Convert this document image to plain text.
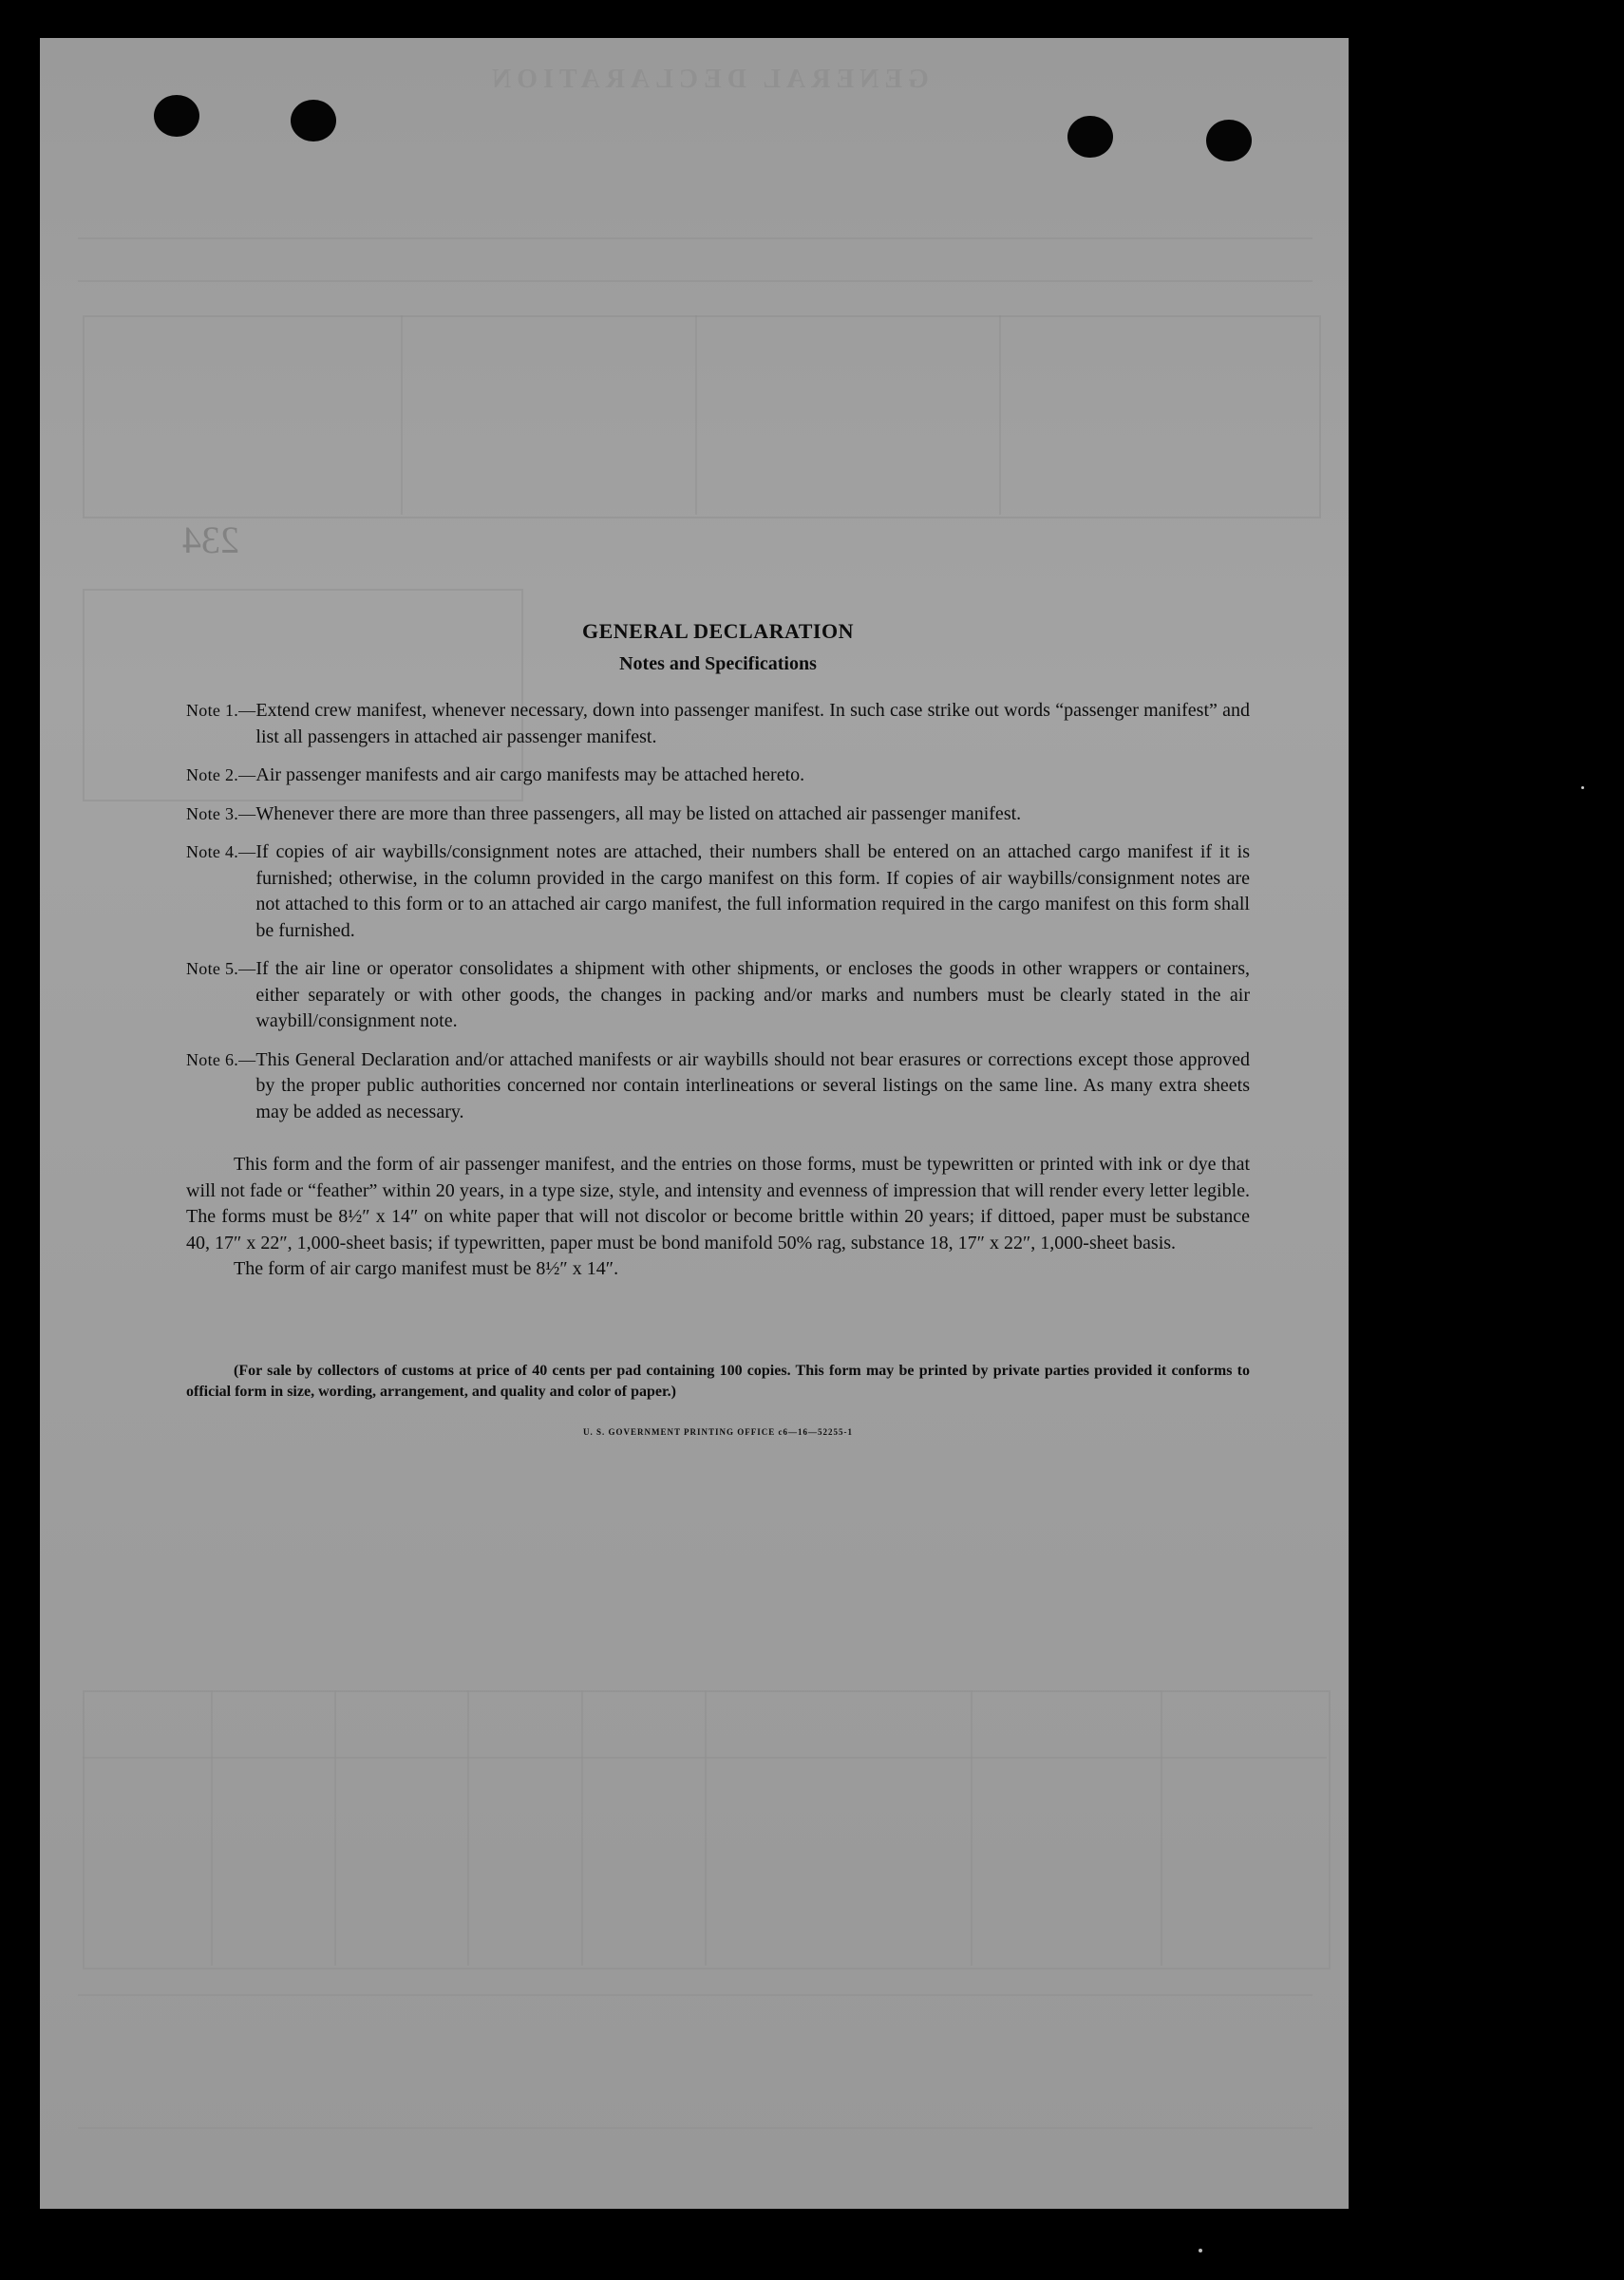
GENERAL DECLARATION
234
GENERAL DECLARATION
Notes and Specifications
Note 1.— Extend crew manifest, whenever necessary, down into passenger manifest. In such case strike out words “passenger manifest” and list all passengers in attached air passenger manifest.
Note 2.— Air passenger manifests and air cargo manifests may be attached hereto.
Note 3.— Whenever there are more than three passengers, all may be listed on attached air passenger manifest.
Note 4.— If copies of air waybills/consignment notes are attached, their numbers shall be entered on an attached cargo manifest if it is furnished; otherwise, in the column provided in the cargo manifest on this form. If copies of air waybills/consignment notes are not attached to this form or to an attached air cargo manifest, the full information required in the cargo manifest on this form shall be furnished.
Note 5.— If the air line or operator consolidates a shipment with other shipments, or encloses the goods in other wrappers or containers, either separately or with other goods, the changes in packing and/or marks and numbers must be clearly stated in the air waybill/consignment note.
Note 6.— This General Declaration and/or attached manifests or air waybills should not bear erasures or corrections except those approved by the proper public authorities concerned nor contain interlineations or several listings on the same line. As many extra sheets may be added as necessary.
This form and the form of air passenger manifest, and the entries on those forms, must be typewritten or printed with ink or dye that will not fade or “feather” within 20 years, in a type size, style, and intensity and evenness of impression that will render every letter legible. The forms must be 8½″ x 14″ on white paper that will not discolor or become brittle within 20 years; if dittoed, paper must be substance 40, 17″ x 22″, 1,000-sheet basis; if typewritten, paper must be bond manifold 50% rag, substance 18, 17″ x 22″, 1,000-sheet basis.
The form of air cargo manifest must be 8½″ x 14″.
(For sale by collectors of customs at price of 40 cents per pad containing 100 copies. This form may be printed by private parties provided it conforms to official form in size, wording, arrangement, and quality and color of paper.)
U. S. GOVERNMENT PRINTING OFFICE c6—16—52255-1
